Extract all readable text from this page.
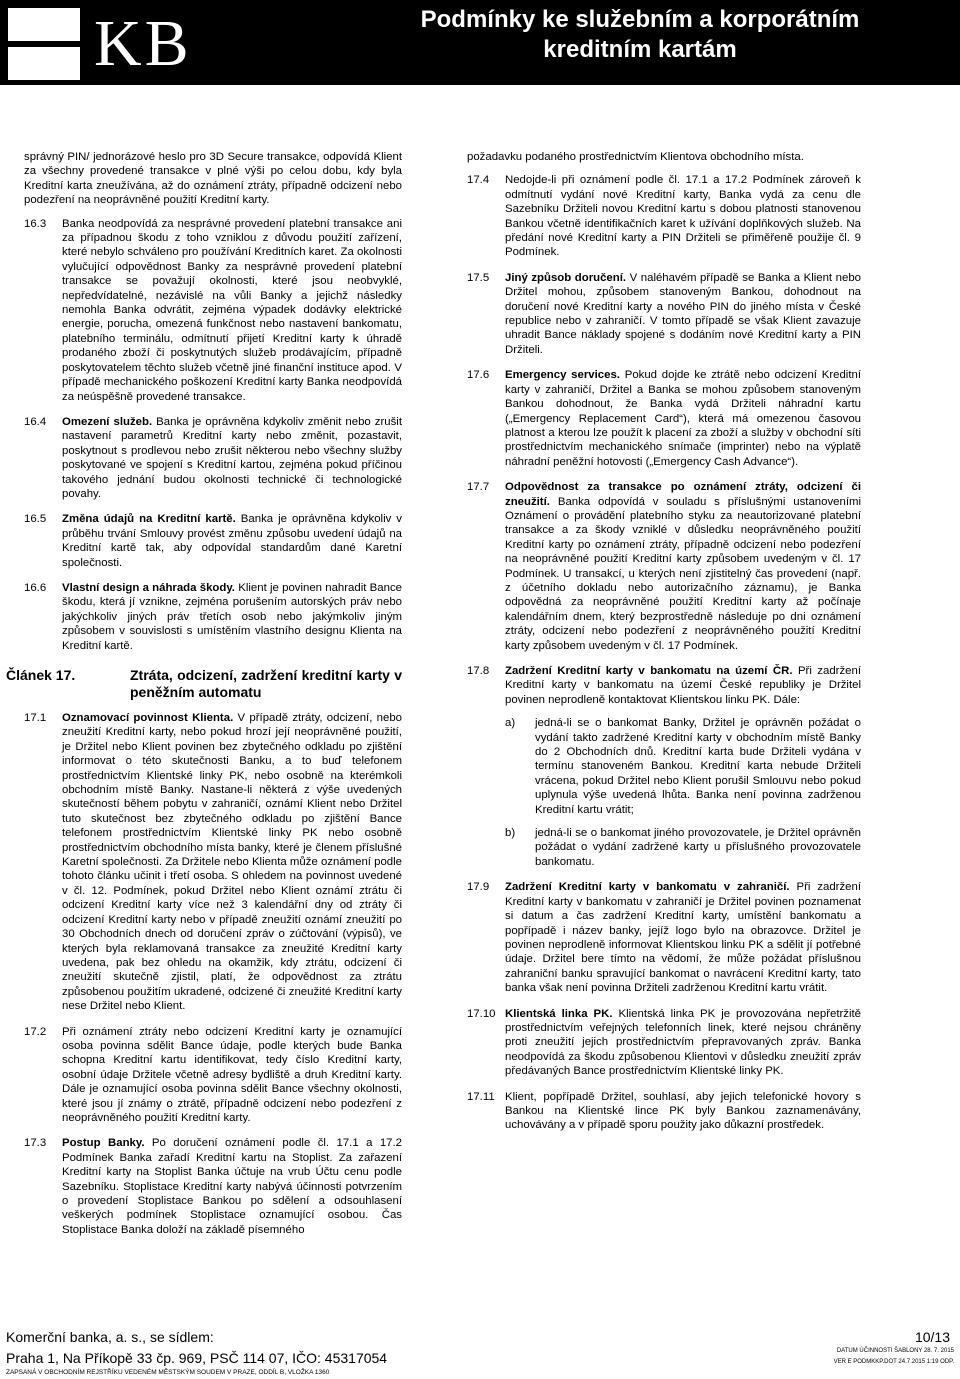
KB	Podmínky ke služebním a korporátním kreditním kartám

správný PIN/ jednorázové heslo pro 3D Secure transakce, odpovídá Klient za všechny provedené transakce v plné výši po celou dobu, kdy byla Kreditní karta zneužívána, až do oznámení ztráty, případně odcizení nebo podezření na neoprávněné použití Kreditní karty.

16.3 Banka neodpovídá za nesprávné provedení platební transakce ani za případnou škodu z toho vzniklou z důvodu použití zařízení, které nebylo schváleno pro používání Kreditních karet. Za okolnosti vylučující odpovědnost Banky za nesprávné provedení platební transakce se považují okolnosti, které jsou neobvyklé, nepředvídatelné, nezávislé na vůli Banky a jejichž následky nemohla Banka odvrátit, zejména výpadek dodávky elektrické energie, porucha, omezená funkčnost nebo nastavení bankomatu, platebního terminálu, odmítnutí přijetí Kreditní karty k úhradě prodaného zboží či poskytnutých služeb prodávajícím, případně poskytovatelem těchto služeb včetně jiné finanční instituce apod. V případě mechanického poškození Kreditní karty Banka neodpovídá za neúspěšně provedené transakce.

16.4 Omezení služeb. Banka je oprávněna kdykoliv změnit nebo zrušit nastavení parametrů Kreditní karty nebo změnit, pozastavit, poskytnout s prodlevou nebo zrušit některou nebo všechny služby poskytované ve spojení s Kreditní kartou, zejména pokud příčinou takového jednání budou okolnosti technické či technologické povahy.

16.5 Změna údajů na Kreditní kartě. Banka je oprávněna kdykoliv v průběhu trvání Smlouvy provést změnu způsobu uvedení údajů na Kreditní kartě tak, aby odpovídal standardům dané Karetní společnosti.

16.6 Vlastní design a náhrada škody. Klient je povinen nahradit Bance škodu, která jí vznikne, zejména porušením autorských práv nebo jakýchkoliv jiných práv třetích osob nebo jakýmkoliv jiným způsobem v souvislosti s umístěním vlastního designu Klienta na Kreditní kartě.

Článek 17.	Ztráta, odcizení, zadržení kreditní karty v peněžním automatu
17.1 Oznamovací povinnost Klienta. V případě ztráty, odcizení, nebo zneužití Kreditní karty, nebo pokud hrozí její neoprávněné použití, je Držitel nebo Klient povinen bez zbytečného odkladu po zjištění informovat o této skutečnosti Banku, a to buď telefonem prostřednictvím Klientské linky PK, nebo osobně na kterémkoli obchodním místě Banky. Nastane-li některá z výše uvedených skutečností během pobytu v zahraničí, oznámí Klient nebo Držitel tuto skutečnost bez zbytečného odkladu po zjištění Bance telefonem prostřednictvím Klientské linky PK nebo osobně prostřednictvím obchodního místa banky, které je členem příslušné Karetní společnosti. Za Držitele nebo Klienta může oznámení podle tohoto článku učinit i třetí osoba. S ohledem na povinnost uvedené v čl. 12. Podmínek, pokud Držitel nebo Klient oznámí ztrátu či odcizení Kreditní karty více než 3 kalendářní dny od ztráty či odcizení Kreditní karty nebo v případě zneužití oznámí zneužití po 30 Obchodních dnech od doručení zpráv o zúčtování (výpisů), ve kterých byla reklamovaná transakce za zneužité Kreditní karty uvedena, pak bez ohledu na okamžik, kdy ztrátu, odcizení či zneužití skutečně zjistil, platí, že odpovědnost za ztrátu způsobenou použitím ukradené, odcizené či zneužité Kreditní karty nese Držitel nebo Klient.

17.2 Při oznámení ztráty nebo odcizení Kreditní karty je oznamující osoba povinna sdělit Bance údaje, podle kterých bude Banka schopna Kreditní kartu identifikovat, tedy číslo Kreditní karty, osobní údaje Držitele včetně adresy bydliště a druh Kreditní karty. Dále je oznamující osoba povinna sdělit Bance všechny okolnosti, které jsou jí známy o ztrátě, případně odcizení nebo podezření z neoprávněného použití Kreditní karty.

17.3 Postup Banky. Po doručení oznámení podle čl. 17.1 a 17.2 Podmínek Banka zařadí Kreditní kartu na Stoplist. Za zařazení Kreditní karty na Stoplist Banka účtuje na vrub Účtu cenu podle Sazebníku. Stoplistace Kreditní karty nabývá účinnosti potvrzením o provedení Stoplistace Bankou po sdělení a odsouhlasení veškerých podmínek Stoplistace oznamující osobou. Čas Stoplistace Banka doloží na základě písemného

požadavku podaného prostřednictvím Klientova obchodního místa.

17.4 Nedojde-li při oznámení podle čl. 17.1 a 17.2 Podmínek zároveň k odmítnutí vydání nové Kreditní karty, Banka vydá za cenu dle Sazebníku Držiteli novou Kreditní kartu s dobou platnosti stanovenou Bankou včetně identifikačních karet k užívání doplňkových služeb. Na předání nové Kreditní karty a PIN Držiteli se přiměřeně použije čl. 9 Podmínek.

17.5 Jiný způsob doručení. V naléhavém případě se Banka a Klient nebo Držitel mohou, způsobem stanoveným Bankou, dohodnout na doručení nové Kreditní karty a nového PIN do jiného místa v České republice nebo v zahraničí. V tomto případě se však Klient zavazuje uhradit Bance náklady spojené s dodáním nové Kreditní karty a PIN Držiteli.

17.6 Emergency services. Pokud dojde ke ztrátě nebo odcizení Kreditní karty v zahraničí, Držitel a Banka se mohou způsobem stanoveným Bankou dohodnout, že Banka vydá Držiteli náhradní kartu („Emergency Replacement Card“), která má omezenou časovou platnost a kterou lze použít k placení za zboží a služby v obchodní síti prostřednictvím mechanického snímače (imprinter) nebo na výplatě náhradní peněžní hotovosti („Emergency Cash Advance“).

17.7 Odpovědnost za transakce po oznámení ztráty, odcizení či zneužití. Banka odpovídá v souladu s příslušnými ustanoveními Oznámení o provádění platebního styku za neautorizované platební transakce a za škody vzniklé v důsledku neoprávněného použití Kreditní karty po oznámení ztráty, případně odcizení nebo podezření na neoprávněné použití Kreditní karty způsobem uvedeným v čl. 17 Podmínek. U transakcí, u kterých není zjistitelný čas provedení (např. z účetního dokladu nebo autorizačního záznamu), je Banka odpovědná za neoprávněné použití Kreditní karty až počínaje kalendářním dnem, který bezprostředně následuje po dni oznámení ztráty, odcizení nebo podezření z neoprávněného použití Kreditní karty způsobem uvedeným v čl. 17 Podmínek.

17.8 Zadržení Kreditní karty v bankomatu na území ČR. Při zadržení Kreditní karty v bankomatu na území České republiky je Držitel povinen neprodleně kontaktovat Klientskou linku PK. Dále:

a) jedná-li se o bankomat Banky, Držitel je oprávněn požádat o vydání takto zadržené Kreditní karty v obchodním místě Banky do 2 Obchodních dnů. Kreditní karta bude Držiteli vydána v termínu stanoveném Bankou. Kreditní karta nebude Držiteli vrácena, pokud Držitel nebo Klient porušil Smlouvu nebo pokud uplynula výše uvedená lhůta. Banka není povinna zadrženou Kreditní kartu vrátit;
b) jedná-li se o bankomat jiného provozovatele, je Držitel oprávněn požádat o vydání zadržené karty u příslušného provozovatele bankomatu.
17.9 Zadržení Kreditní karty v bankomatu v zahraničí. Při zadržení Kreditní karty v bankomatu v zahraničí je Držitel povinen poznamenat si datum a čas zadržení Kreditní karty, umístění bankomatu a popřípadě i název banky, jejíž logo bylo na obrazovce. Držitel je povinen neprodleně informovat Klientskou linku PK a sdělit jí potřebné údaje. Držitel bere tímto na vědomí, že může požádat příslušnou zahraniční banku spravující bankomat o navrácení Kreditní karty, tato banka však není povinna Držiteli zadrženou Kreditní kartu vrátit.

17.10 Klientská linka PK. Klientská linka PK je provozována nepřetržitě prostřednictvím veřejných telefonních linek, které nejsou chráněny proti zneužití jejich prostřednictvím přepravovaných zpráv. Banka neodpovídá za škodu způsobenou Klientovi v důsledku zneužití zpráv předávaných Bance prostřednictvím Klientské linky PK.

17.11 Klient, popřípadě Držitel, souhlasí, aby jejich telefonické hovory s Bankou na Klientské lince PK byly Bankou zaznamenávány, uchovávány a v případě sporu použity jako důkazní prostředek.

Komerční banka, a. s., se sídlem:
Praha 1, Na Příkopě 33 čp. 969, PSČ 114 07, IČO: 45317054
ZAPSANÁ V OBCHODNÍM REJSTŘÍKU VEDENÉM MĚSTSKÝM SOUDEM V PRAZE, ODDÍL B, VLOŽKA 1360
10/13
DATUM ÚČINNOSTI ŠABLONY 28. 7. 2015
VER E PODMKKP.DOT 24.7.2015 1:19 ODP.
